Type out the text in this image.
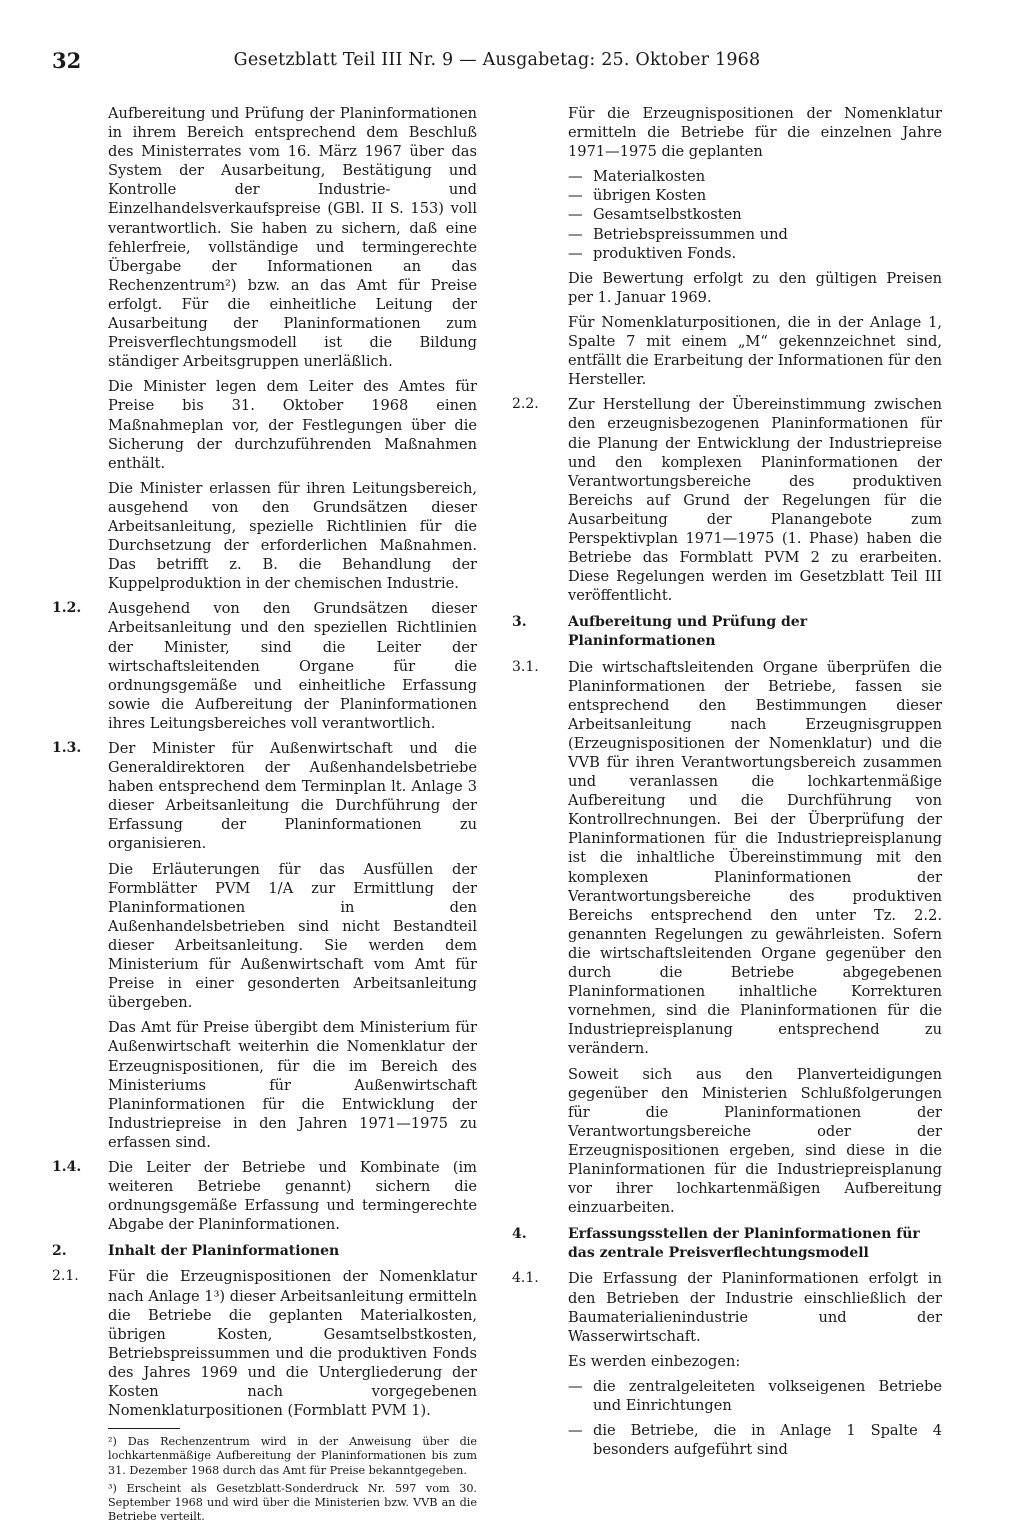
32	Gesetzblatt Teil III Nr. 9 — Ausgabetag: 25. Oktober 1968

Aufbereitung und Prüfung der Planinformationen in ihrem Bereich entsprechend dem Beschluß des Ministerrates vom 16. März 1967 über das System der Ausarbeitung, Bestätigung und Kontrolle der Industrie- und Einzelhandelsverkaufspreise (GBl. II S. 153) voll verantwortlich. Sie haben zu sichern, daß eine fehlerfreie, vollständige und termingerechte Übergabe der Informationen an das Rechenzentrum²) bzw. an das Amt für Preise erfolgt. Für die einheitliche Leitung der Ausarbeitung der Planinformationen zum Preisverflechtungsmodell ist die Bildung ständiger Arbeitsgruppen unerläßlich.

Die Minister legen dem Leiter des Amtes für Preise bis 31. Oktober 1968 einen Maßnahmeplan vor, der Festlegungen über die Sicherung der durchzuführenden Maßnahmen enthält.

Die Minister erlassen für ihren Leitungsbereich, ausgehend von den Grundsätzen dieser Arbeitsanleitung, spezielle Richtlinien für die Durchsetzung der erforderlichen Maßnahmen. Das betrifft z. B. die Behandlung der Kuppelproduktion in der chemischen Industrie.

1.2. Ausgehend von den Grundsätzen dieser Arbeitsanleitung und den speziellen Richtlinien der Minister, sind die Leiter der wirtschaftsleitenden Organe für die ordnungsgemäße und einheitliche Erfassung sowie die Aufbereitung der Planinformationen ihres Leitungsbereiches voll verantwortlich.
1.3. Der Minister für Außenwirtschaft und die Generaldirektoren der Außenhandelsbetriebe haben entsprechend dem Terminplan lt. Anlage 3 dieser Arbeitsanleitung die Durchführung der Erfassung der Planinformationen zu organisieren.
Die Erläuterungen für das Ausfüllen der Formblätter PVM 1/A zur Ermittlung der Planinformationen in den Außenhandelsbetrieben sind nicht Bestandteil dieser Arbeitsanleitung. Sie werden dem Ministerium für Außenwirtschaft vom Amt für Preise in einer gesonderten Arbeitsanleitung übergeben.
Das Amt für Preise übergibt dem Ministerium für Außenwirtschaft weiterhin die Nomenklatur der Erzeugnispositionen, für die im Bereich des Ministeriums für Außenwirtschaft Planinformationen für die Entwicklung der Industriepreise in den Jahren 1971—1975 zu erfassen sind.
1.4. Die Leiter der Betriebe und Kombinate (im weiteren Betriebe genannt) sichern die ordnungsgemäße Erfassung und termingerechte Abgabe der Planinformationen.
2.	Inhalt der Planinformationen
2.1. Für die Erzeugnispositionen der Nomenklatur nach Anlage 1³) dieser Arbeitsanleitung ermitteln die Betriebe die geplanten Materialkosten, übrigen Kosten, Gesamtselbstkosten, Betriebspreissummen und die produktiven Fonds des Jahres 1969 und die Untergliederung der Kosten nach vorgegebenen Nomenklaturpositionen (Formblatt PVM 1).

²) Das Rechenzentrum wird in der Anweisung über die lochkartenmäßige Aufbereitung der Planinformationen bis zum 31. Dezember 1968 durch das Amt für Preise bekanntgegeben.

³) Erscheint als Gesetzblatt-Sonderdruck Nr. 597 vom 30. September 1968 und wird über die Ministerien bzw. VVB an die Betriebe verteilt.

Für die Erzeugnispositionen der Nomenklatur ermitteln die Betriebe für die einzelnen Jahre 1971—1975 die geplanten

— Materialkosten
— übrigen Kosten
— Gesamtselbstkosten
— Betriebspreissummen und
— produktiven Fonds.

Die Bewertung erfolgt zu den gültigen Preisen per 1. Januar 1969.

Für Nomenklaturpositionen, die in der Anlage 1, Spalte 7 mit einem „M“ gekennzeichnet sind, entfällt die Erarbeitung der Informationen für den Hersteller.

2.2. Zur Herstellung der Übereinstimmung zwischen den erzeugnisbezogenen Planinformationen für die Planung der Entwicklung der Industriepreise und den komplexen Planinformationen der Verantwortungsbereiche des produktiven Bereichs auf Grund der Regelungen für die Ausarbeitung der Planangebote zum Perspektivplan 1971—1975 (1. Phase) haben die Betriebe das Formblatt PVM 2 zu erarbeiten. Diese Regelungen werden im Gesetzblatt Teil III veröffentlicht.
3.	Aufbereitung und Prüfung der Planinformationen
3.1. Die wirtschaftsleitenden Organe überprüfen die Planinformationen der Betriebe, fassen sie entsprechend den Bestimmungen dieser Arbeitsanleitung nach Erzeugnisgruppen (Erzeugnispositionen der Nomenklatur) und die VVB für ihren Verantwortungsbereich zusammen und veranlassen die lochkartenmäßige Aufbereitung und die Durchführung von Kontrollrechnungen. Bei der Überprüfung der Planinformationen für die Industriepreisplanung ist die inhaltliche Übereinstimmung mit den komplexen Planinformationen der Verantwortungsbereiche des produktiven Bereichs entsprechend den unter Tz. 2.2. genannten Regelungen zu gewährleisten. Sofern die wirtschaftsleitenden Organe gegenüber den durch die Betriebe abgegebenen Planinformationen inhaltliche Korrekturen vornehmen, sind die Planinformationen für die Industriepreisplanung entsprechend zu verändern.
Soweit sich aus den Planverteidigungen gegenüber den Ministerien Schlußfolgerungen für die Planinformationen der Verantwortungsbereiche oder der Erzeugnispositionen ergeben, sind diese in die Planinformationen für die Industriepreisplanung vor ihrer lochkartenmäßigen Aufbereitung einzuarbeiten.
4.	Erfassungsstellen der Planinformationen für das zentrale Preisverflechtungsmodell
4.1. Die Erfassung der Planinformationen erfolgt in den Betrieben der Industrie einschließlich der Baumaterialienindustrie und der Wasserwirtschaft.
Es werden einbezogen:
— die zentralgeleiteten volkseigenen Betriebe und Einrichtungen
— die Betriebe, die in Anlage 1 Spalte 4 besonders aufgeführt sind
